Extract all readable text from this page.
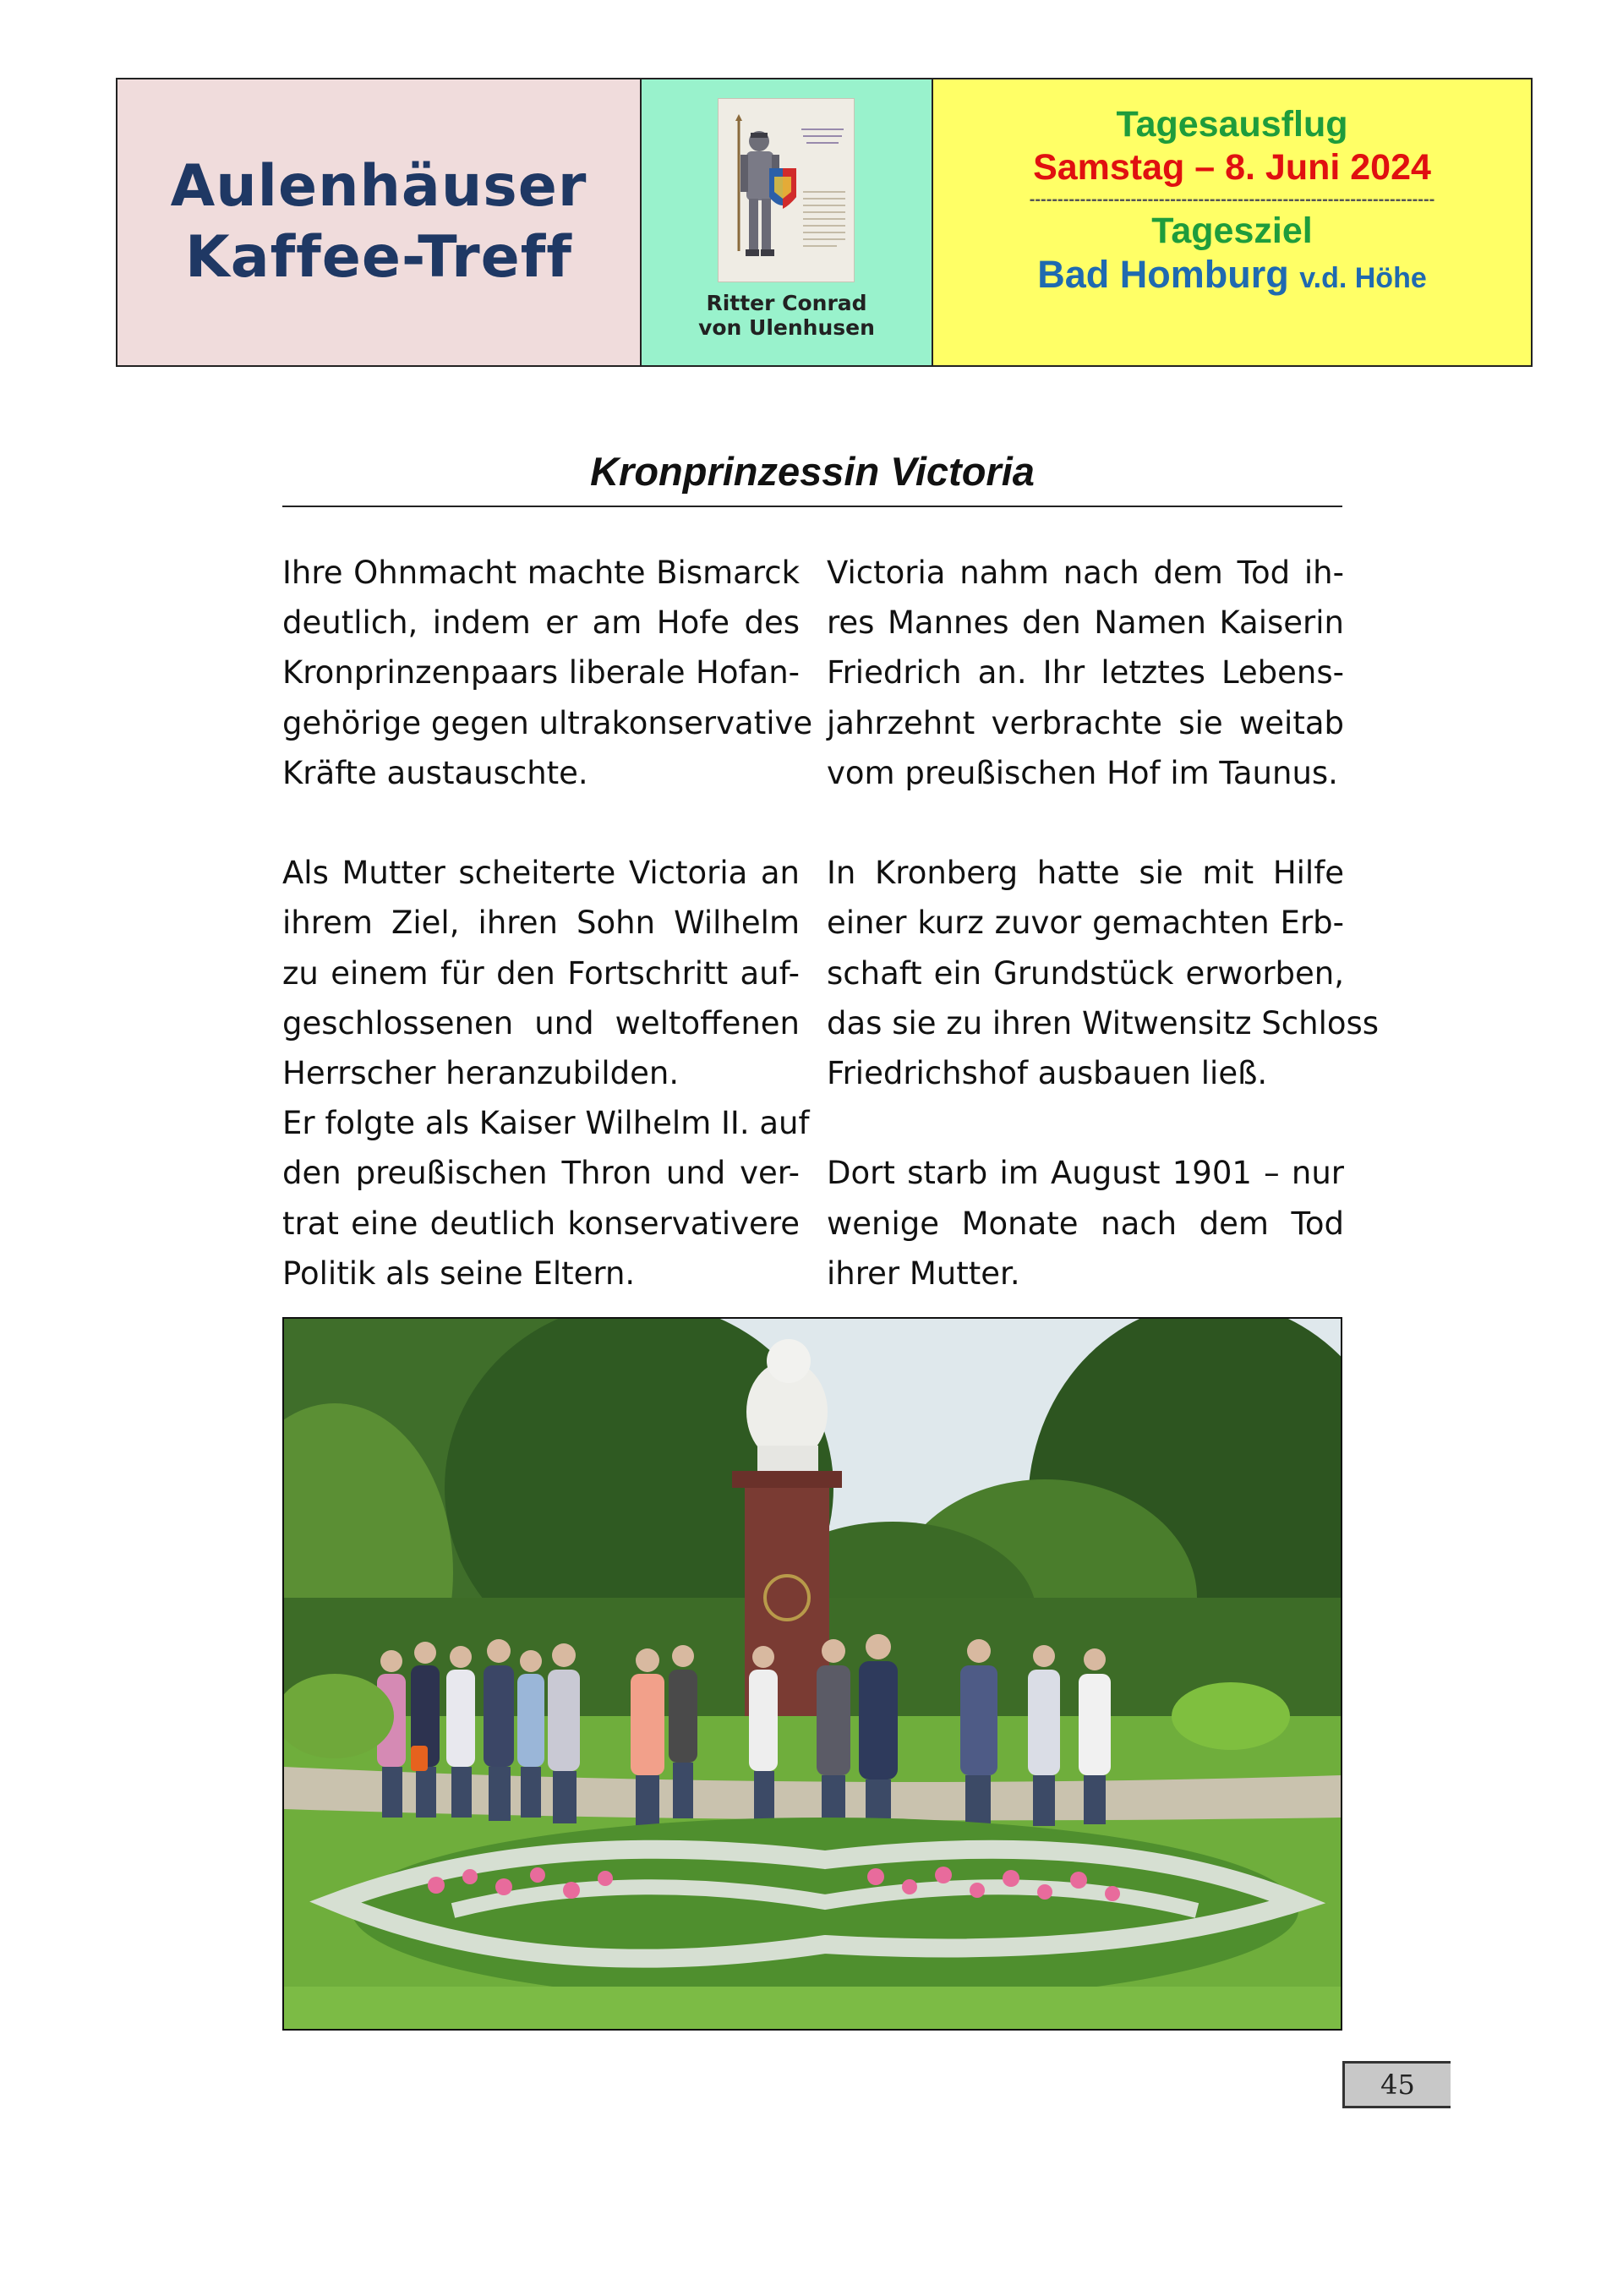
Aulenhäuser
Kaffee-Treff
Ritter Conrad
von Ulenhusen
Tagesausflug
Samstag – 8. Juni 2024
------------------------------------------------------------------------
Tagesziel
Bad Homburg v.d. Höhe
Kronprinzessin Victoria

Ihre Ohnmacht machte Bismarck
deutlich, indem er am Hofe des
Kronprinzenpaars liberale Hofan-
gehörige gegen ultrakonservative
Kräfte austauschte.

Als Mutter scheiterte Victoria an
ihrem Ziel, ihren Sohn Wilhelm
zu einem für den Fortschritt auf-
geschlossenen und weltoffenen
Herrscher heranzubilden.
Er folgte als Kaiser Wilhelm II. auf
den preußischen Thron und ver-
trat eine deutlich konservativere
Politik als seine Eltern.

Victoria nahm nach dem Tod ih-
res Mannes den Namen Kaiserin
Friedrich an. Ihr letztes Lebens-
jahrzehnt verbrachte sie weitab
vom preußischen Hof im Taunus.

In Kronberg hatte sie mit Hilfe
einer kurz zuvor gemachten Erb-
schaft ein Grundstück erworben,
das sie zu ihren Witwensitz Schloss
Friedrichshof ausbauen ließ.

Dort starb im August 1901 – nur
wenige Monate nach dem Tod
ihrer Mutter.

45
